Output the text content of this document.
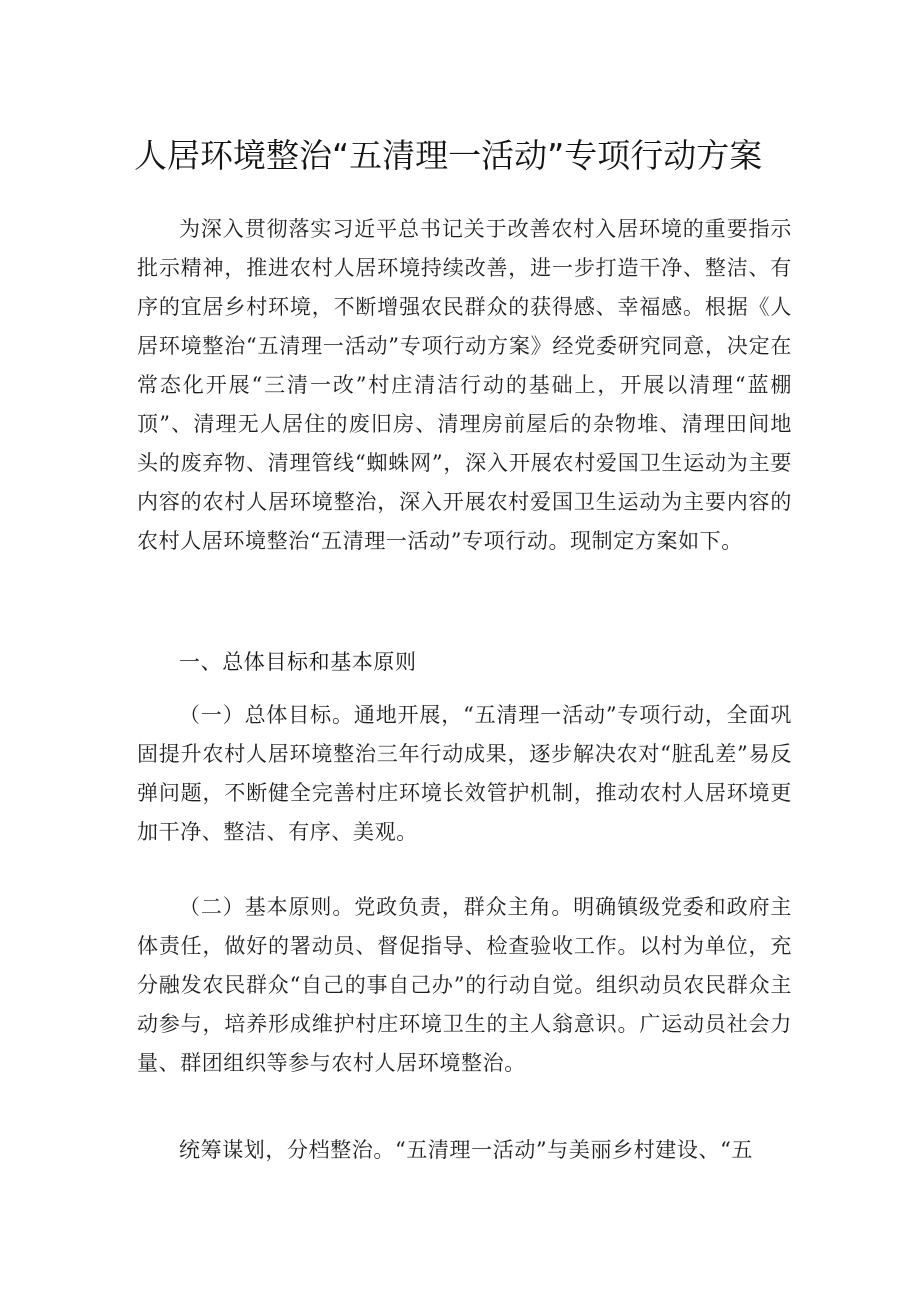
人居环境整治“五清理一活动”专项行动方案

为深入贯彻落实习近平总书记关于改善农村入居环境的重要指示批示精神，推进农村人居环境持续改善，进一步打造干净、整洁、有序的宜居乡村环境，不断增强农民群众的获得感、幸福感。根据《人居环境整治“五清理一活动”专项行动方案》经党委研究同意，决定在常态化开展“三清一改”村庄清洁行动的基础上，开展以清理“蓝棚顶”、清理无人居住的废旧房、清理房前屋后的杂物堆、清理田间地头的废弃物、清理管线“蜘蛛网”，深入开展农村爱国卫生运动为主要内容的农村人居环境整治，深入开展农村爱国卫生运动为主要内容的农村人居环境整治“五清理一活动”专项行动。现制定方案如下。

一、总体目标和基本原则

（一）总体目标。通地开展，“五清理一活动”专项行动，全面巩固提升农村人居环境整治三年行动成果，逐步解决农对“脏乱差”易反弹问题，不断健全完善村庄环境长效管护机制，推动农村人居环境更加干净、整洁、有序、美观。

（二）基本原则。党政负责，群众主角。明确镇级党委和政府主体责任，做好的署动员、督促指导、检查验收工作。以村为单位，充分融发农民群众“自己的事自己办”的行动自觉。组织动员农民群众主动参与，培养形成维护村庄环境卫生的主人翁意识。广运动员社会力量、群团组织等参与农村人居环境整治。

统筹谋划，分档整治。“五清理一活动”与美丽乡村建设、“五
